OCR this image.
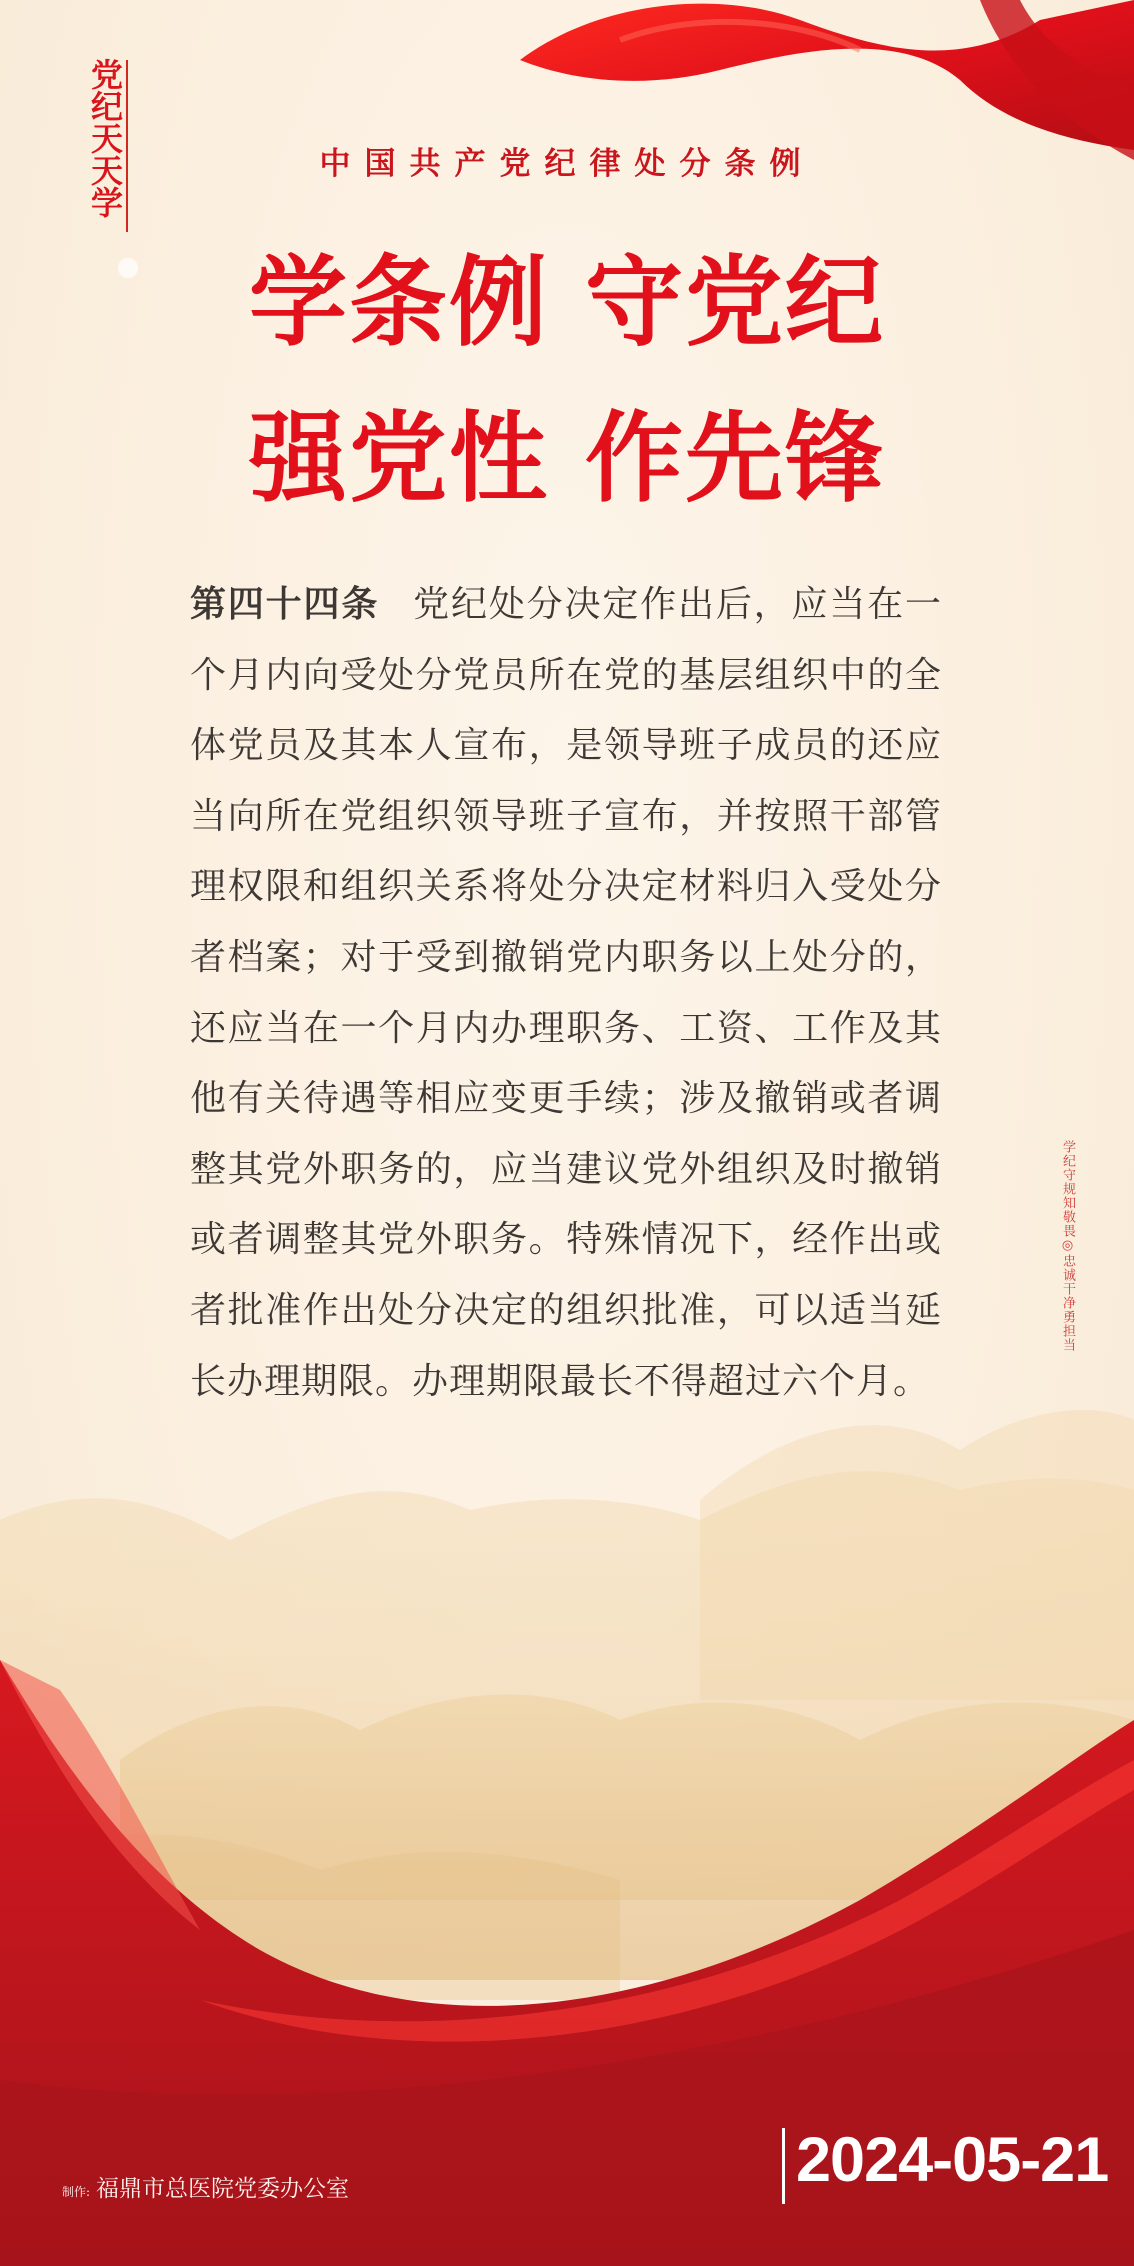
党纪天天学	中国共产党纪律处分条例
学条例 守党纪
强党性 作先锋
第四十四条 党纪处分决定作出后，应当在一个月内向受处分党员所在党的基层组织中的全体党员及其本人宣布，是领导班子成员的还应当向所在党组织领导班子宣布，并按照干部管理权限和组织关系将处分决定材料归入受处分者档案；对于受到撤销党内职务以上处分的，还应当在一个月内办理职务、工资、工作及其他有关待遇等相应变更手续；涉及撤销或者调整其党外职务的，应当建议党外组织及时撤销或者调整其党外职务。特殊情况下，经作出或者批准作出处分决定的组织批准，可以适当延长办理期限。办理期限最长不得超过六个月。
学纪守规知敬畏◎忠诚干净勇担当
制作: 福鼎市总医院党委办公室	2024-05-21
